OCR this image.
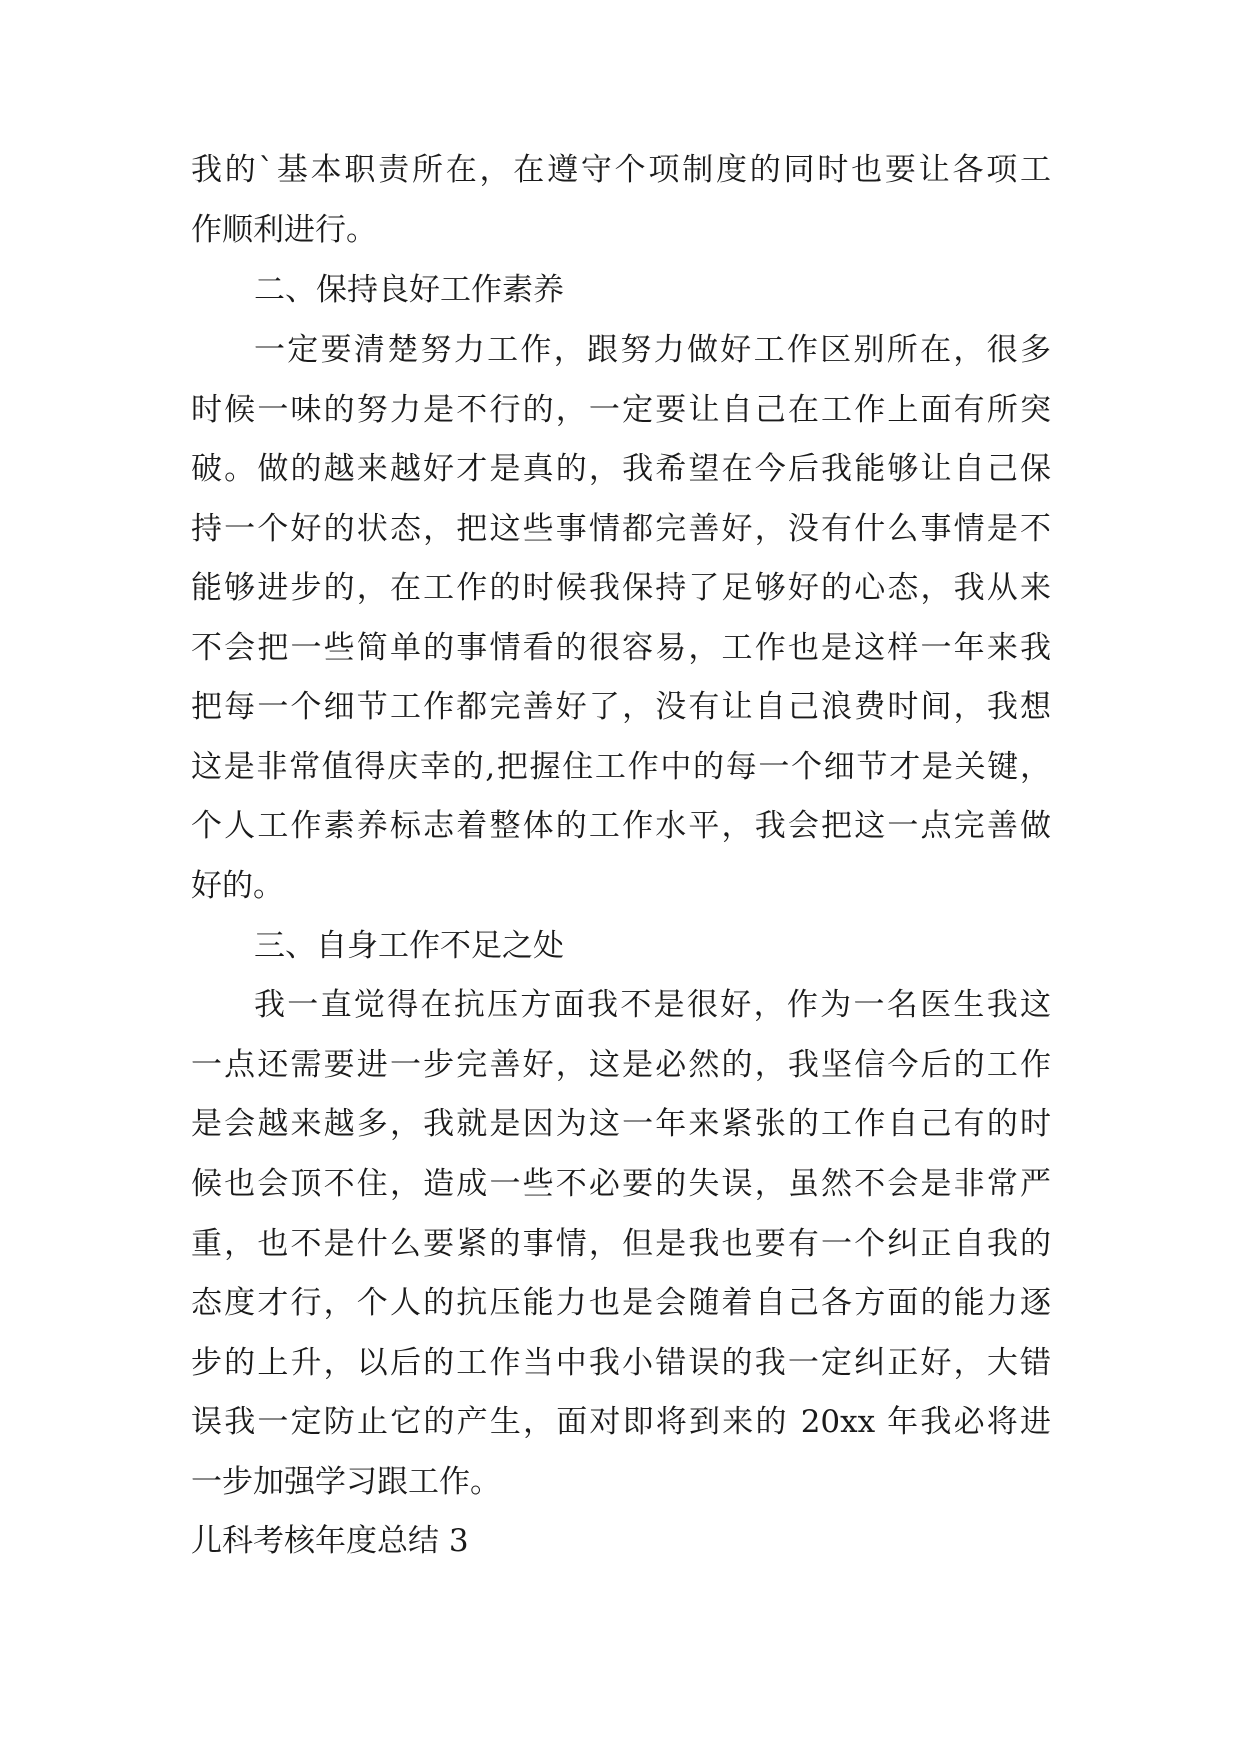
我的`基本职责所在，在遵守个项制度的同时也要让各项工
作顺利进行。
二、保持良好工作素养
一定要清楚努力工作，跟努力做好工作区别所在，很多
时候一味的努力是不行的，一定要让自己在工作上面有所突
破。做的越来越好才是真的，我希望在今后我能够让自己保
持一个好的状态，把这些事情都完善好，没有什么事情是不
能够进步的，在工作的时候我保持了足够好的心态，我从来
不会把一些简单的事情看的很容易，工作也是这样一年来我
把每一个细节工作都完善好了，没有让自己浪费时间，我想
这是非常值得庆幸的,把握住工作中的每一个细节才是关键，
个人工作素养标志着整体的工作水平，我会把这一点完善做
好的。
三、自身工作不足之处
我一直觉得在抗压方面我不是很好，作为一名医生我这
一点还需要进一步完善好，这是必然的，我坚信今后的工作
是会越来越多，我就是因为这一年来紧张的工作自己有的时
候也会顶不住，造成一些不必要的失误，虽然不会是非常严
重，也不是什么要紧的事情，但是我也要有一个纠正自我的
态度才行，个人的抗压能力也是会随着自己各方面的能力逐
步的上升，以后的工作当中我小错误的我一定纠正好，大错
误我一定防止它的产生，面对即将到来的 20xx 年我必将进
一步加强学习跟工作。
儿科考核年度总结 3
